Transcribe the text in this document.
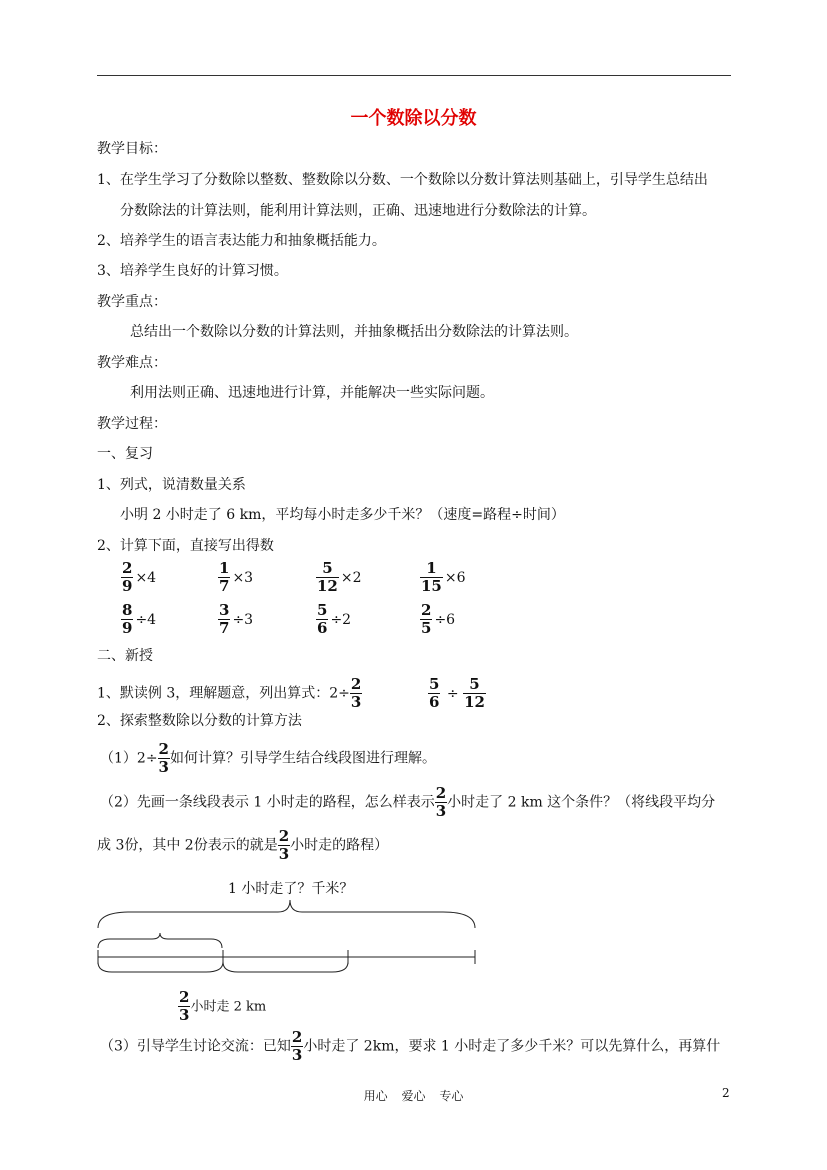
一个数除以分数
教学目标：
1、在学生学习了分数除以整数、整数除以分数、一个数除以分数计算法则基础上，引导学生总结出
分数除法的计算法则，能利用计算法则，正确、迅速地进行分数除法的计算。
2、培养学生的语言表达能力和抽象概括能力。
3、培养学生良好的计算习惯。
教学重点：
总结出一个数除以分数的计算法则，并抽象概括出分数除法的计算法则。
教学难点：
利用法则正确、迅速地进行计算，并能解决一些实际问题。
教学过程：
一、复习
1、列式，说清数量关系
小明 2 小时走了 6 km，平均每小时走多少千米？（速度=路程÷时间）
2、计算下面，直接写出得数
$\frac{2}{9} \times 4$	$\frac{1}{7} \times 3$	$\frac{5}{12} \times 2$	$\frac{1}{15} \times 6$
$\frac{8}{9} \div 4$	$\frac{3}{7} \div 3$	$\frac{5}{6} \div 2$	$\frac{2}{5} \div 6$
二、新授
1、默读例 3，理解题意，列出算式：$2\div \frac{2}{3}$	$\frac{5}{6} \div \frac{5}{12}$
2、探索整数除以分数的计算方法
$(1)2\div \frac{2}{3}$ 如何计算？引导学生结合线段图进行理解。
（2）先画一条线段表示 1 小时走的路程，怎么样表示 $\frac{2}{3}$ 小时走了 2 km 这个条件？（将线段平均分
成 3份，其中 2份表示的就是 $\frac{2}{3}$ 小时走的路程）
1 小时走了？千米？
$\frac{2}{3}$ 小时走 2 km
（3）引导学生讨论交流：已知 $\frac{2}{3}$ 小时走了 2km，要求 1 小时走了多少千米？可以先算什么，再算什
用心 爱心 专心	2
